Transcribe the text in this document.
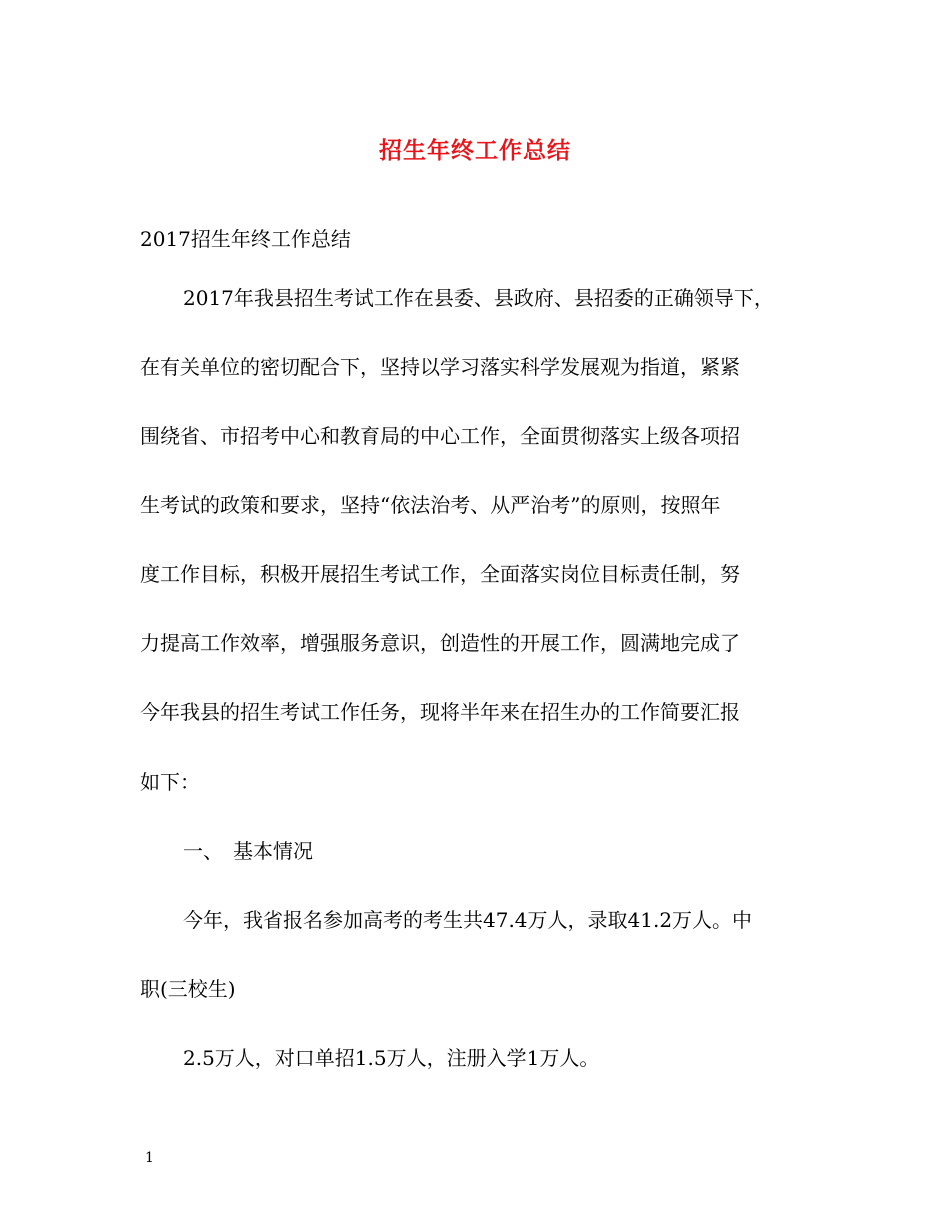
招生年终工作总结
2017招生年终工作总结
2017年我县招生考试工作在县委、县政府、县招委的正确领导下，
在有关单位的密切配合下，坚持以学习落实科学发展观为指道，紧紧
围绕省、市招考中心和教育局的中心工作，全面贯彻落实上级各项招
生考试的政策和要求，坚持“依法治考、从严治考”的原则，按照年
度工作目标，积极开展招生考试工作，全面落实岗位目标责任制，努
力提高工作效率，增强服务意识，创造性的开展工作，圆满地完成了
今年我县的招生考试工作任务，现将半年来在招生办的工作简要汇报
如下：
一、　基本情况
今年，我省报名参加高考的考生共47.4万人，录取41.2万人。中
职(三校生)
2.5万人，对口单招1.5万人，注册入学1万人。
1
